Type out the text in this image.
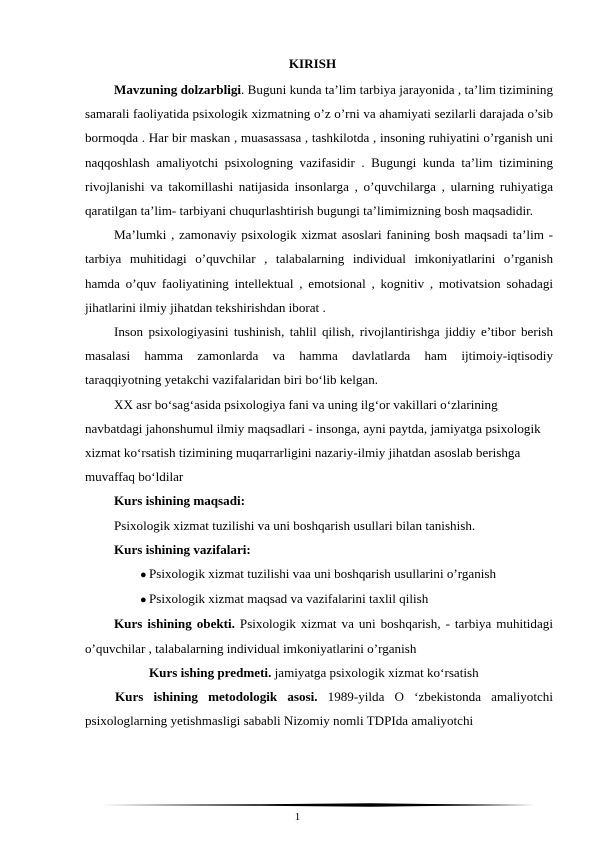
KIRISH

Mavzuning dolzarbligi. Buguni kunda ta’lim tarbiya jarayonida , ta’lim tizimining samarali faoliyatida psixologik xizmatning o’z o’rni va ahamiyati sezilarli darajada o’sib bormoqda . Har bir maskan , muasassasa , tashkilotda , insoning ruhiyatini o’rganish uni naqqoshlash amaliyotchi psixologning vazifasidir . Bugungi kunda ta’lim tizimining rivojlanishi va takomillashi natijasida insonlarga , o’quvchilarga , ularning ruhiyatiga qaratilgan ta’lim- tarbiyani chuqurlashtirish bugungi ta’limimizning bosh maqsadidir.

Ma’lumki , zamonaviy psixologik xizmat asoslari fanining bosh maqsadi ta’lim - tarbiya muhitidagi o’quvchilar , talabalarning individual imkoniyatlarini o’rganish hamda o’quv faoliyatining intellektual , emotsional , kognitiv , motivatsion sohadagi jihatlarini ilmiy jihatdan tekshirishdan iborat .

Inson psixologiyasini tushinish, tahlil qilish, rivojlantirishga jiddiy e’tibor berish masalasi hamma zamonlarda va hamma davlatlarda ham ijtimoiy-iqtisodiy taraqqiyotning yetakchi vazifalaridan biri bo‘lib kelgan.

XX asr bo‘sag‘asida psixologiya fani va uning ilg‘or vakillari o‘zlarining navbatdagi jahonshumul ilmiy maqsadlari - insonga, ayni paytda, jamiyatga psixologik xizmat ko‘rsatish tizimining muqarrarligini nazariy-ilmiy jihatdan asoslab berishga muvaffaq bo‘ldilar

Kurs ishining maqsadi:

Psixologik xizmat tuzilishi va uni boshqarish usullari bilan tanishish.

Kurs ishining vazifalari:

● Psixologik xizmat tuzilishi vaa uni boshqarish usullarini o’rganish

● Psixologik xizmat maqsad va vazifalarini taxlil qilish

Kurs ishining obekti. Psixologik xizmat va uni boshqarish, - tarbiya muhitidagi o’quvchilar , talabalarning individual imkoniyatlarini o’rganish

Kurs ishing predmeti. jamiyatga psixologik xizmat ko‘rsatish

Kurs ishining metodologik asosi. 1989-yilda O ‘zbekistonda amaliyotchi psixologlarning yetishmasligi sababli Nizomiy nomli TDPIda amaliyotchi

1
